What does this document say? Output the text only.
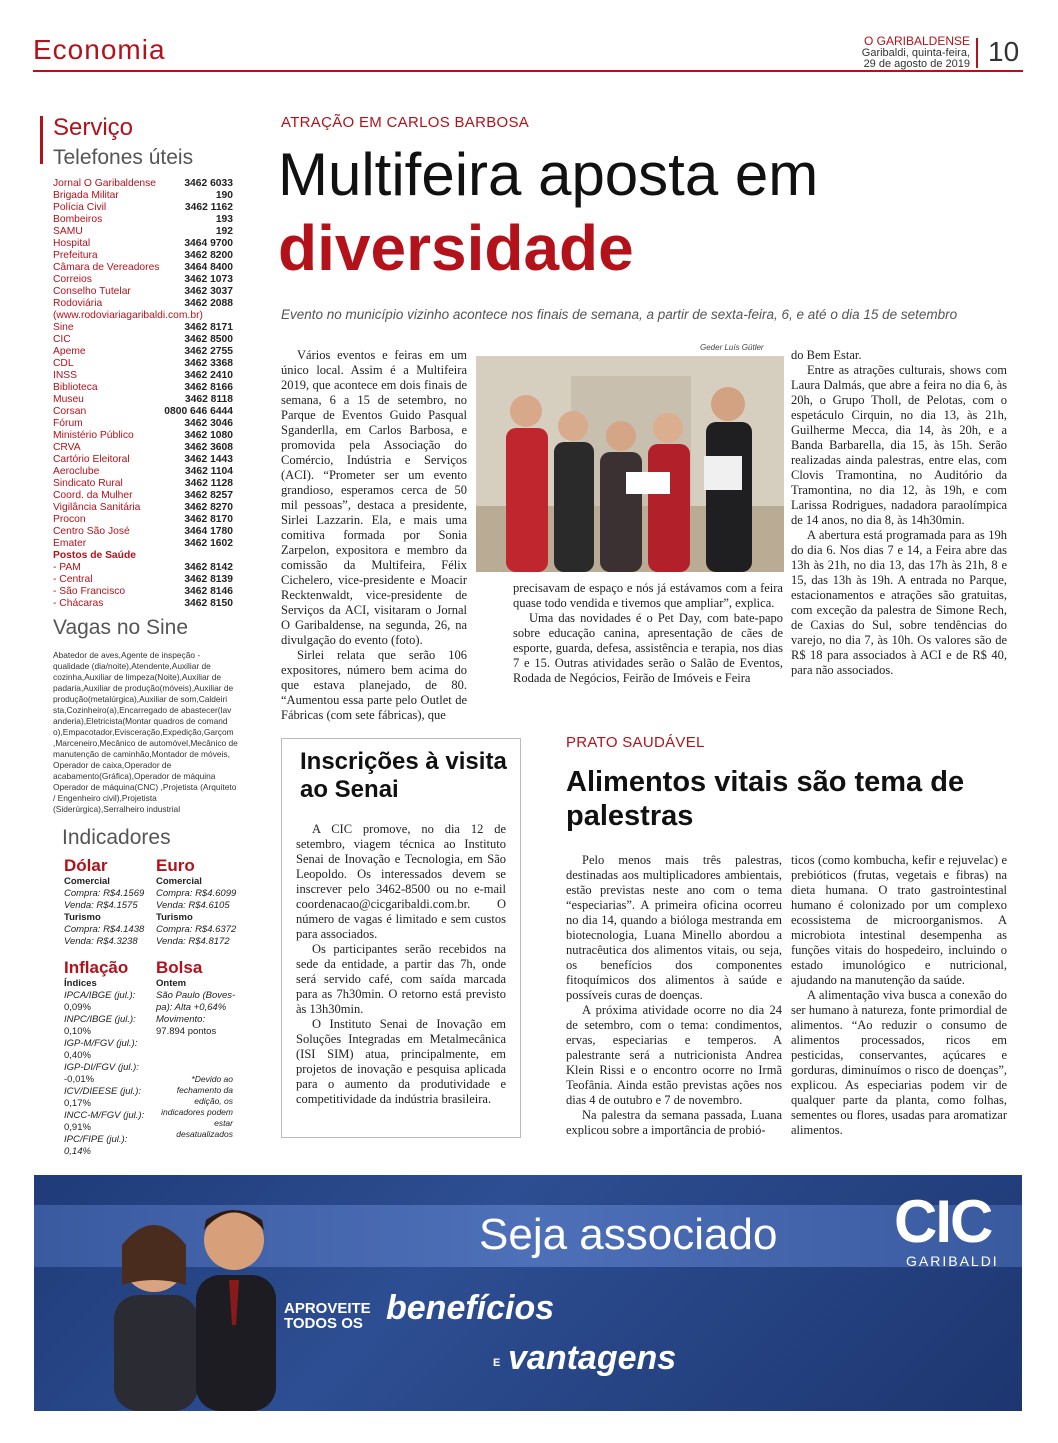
Economia	O GARIBALDENSE
Garibaldi, quinta-feira,
29 de agosto de 2019 10
Serviço
Telefones úteis
Jornal O Garibaldense	3462 6033
Brigada Militar	190
Polícia Civil	3462 1162
Bombeiros	193
SAMU	192
Hospital	3464 9700
Prefeitura	3462 8200
Câmara de Vereadores 3464 8400
Correios	3462 1073
Conselho Tutelar	3462 3037
Rodoviária	3462 2088
(www.rodoviariagaribaldi.com.br)
Sine	3462 8171
CIC	3462 8500
Apeme	3462 2755
CDL	3462 3368
INSS	3462 2410
Biblioteca	3462 8166
Museu	3462 8118
Corsan	0800 646 6444
Fórum	3462 3046
Ministério Público	3462 1080
CRVA	3462 3608
Cartório Eleitoral	3462 1443
Aeroclube	3462 1104
Sindicato Rural	3462 1128
Coord. da Mulher	3462 8257
Vigilância Sanitária	3462 8270
Procon	3462 8170
Centro São José	3464 1780
Emater	3462 1602
Postos de Saúde
- PAM	3462 8142
- Central	3462 8139
- São Francisco	3462 8146
- Chácaras	3462 8150
Vagas no Sine
Abatedor de aves,Agente de inspeção - qualidade (dia/noite),Atendente,Auxiliar de cozinha,Auxiliar de limpeza(Noite),Auxiliar de padaria,Auxiliar de produção(móveis),Auxiliar de produção(metalúrgica),Auxiliar de som,Caldeiri sta,Cozinheiro(a),Encarregado de abastecer(lav anderia),Eletricista(Montar quadros de comand o),Empacotador,Evisceração,Expedição,Garçom ,Marceneiro,Mecânico de automóvel,Mecânico de manutenção de caminhão,Montador de móveis, Operador de caixa,Operador de acabamento(Gráfica),Operador de máquina Operador de máquina(CNC) ,Projetista (Arquiteto / Engenheiro civil),Projetista (Siderúrgica),Serralheiro industrial
Indicadores
Dólar
Comercial
Compra: R$4.1569
Venda: R$4.1575
Turismo
Compra: R$4.1438
Venda: R$4.3238
Euro
Comercial
Compra: R$4.6099
Venda: R$4.6105
Turismo
Compra: R$4.6372
Venda: R$4.8172
Inflação
Índices
IPCA/IBGE (jul.):
0,09%
INPC/IBGE (jul.):
0,10%
IGP-M/FGV (jul.):
0,40%
IGP-DI/FGV (jul.):
-0,01%
ICV/DIEESE (jul.):
0,17%
INCC-M/FGV (jul.):
0,91%
IPC/FIPE (jul.): 0,14%
Bolsa
Ontem
São Paulo (Boves-
pa): Alta +0,64%
Movimento:
97.894 pontos
*Devido ao fechamento da edição, os indicadores podem estar desatualizados
ATRAÇÃO EM CARLOS BARBOSA
Multifeira aposta em
diversidade
Evento no município vizinho acontece nos finais de semana, a partir de sexta-feira, 6, e até o dia 15 de setembro

Vários eventos e feiras em um único local. Assim é a Multifeira 2019, que acontece em dois finais de semana, 6 a 15 de setembro, no Parque de Eventos Guido Pasqual Sganderlla, em Carlos Barbosa, e promovida pela Associação do Comércio, Indústria e Serviços (ACI). “Prometer ser um evento grandioso, esperamos cerca de 50 mil pessoas”, destaca a presidente, Sirlei Lazzarin. Ela, e mais uma comitiva formada por Sonia Zarpelon, expositora e membro da comissão da Multifeira, Félix Cichelero, vice-presidente e Moacir Recktenwaldt, vice-presidente de Serviços da ACI, visitaram o Jornal O Garibaldense, na segunda, 26, na divulgação do evento (foto).

Sirlei relata que serão 106 expositores, número bem acima do que estava planejado, de 80. “Aumentou essa parte pelo Outlet de Fábricas (com sete fábricas), que

Geder Luís Gütler

precisavam de espaço e nós já estávamos com a feira quase todo vendida e tivemos que ampliar”, explica.

Uma das novidades é o Pet Day, com bate-papo sobre educação canina, apresentação de cães de esporte, guarda, defesa, assistência e terapia, nos dias 7 e 15. Outras atividades serão o Salão de Eventos, Rodada de Negócios, Feirão de Imóveis e Feira

do Bem Estar.

Entre as atrações culturais, shows com Laura Dalmás, que abre a feira no dia 6, às 20h, o Grupo Tholl, de Pelotas, com o espetáculo Cirquin, no dia 13, às 21h, Guilherme Mecca, dia 14, às 20h, e a Banda Barbarella, dia 15, às 15h. Serão realizadas ainda palestras, entre elas, com Clovis Tramontina, no Auditório da Tramontina, no dia 12, às 19h, e com Larissa Rodrigues, nadadora paraolímpica de 14 anos, no dia 8, às 14h30min.

A abertura está programada para as 19h do dia 6. Nos dias 7 e 14, a Feira abre das 13h às 21h, no dia 13, das 17h às 21h, 8 e 15, das 13h às 19h. A entrada no Parque, estacionamentos e atrações são gratuitas, com exceção da palestra de Simone Rech, de Caxias do Sul, sobre tendências do varejo, no dia 7, às 10h. Os valores são de R$ 18 para associados à ACI e de R$ 40, para não associados.

Inscrições à visita ao Senai

A CIC promove, no dia 12 de setembro, viagem técnica ao Instituto Senai de Inovação e Tecnologia, em São Leopoldo. Os interessados devem se inscrever pelo 3462-8500 ou no e-mail coordenacao@cicgaribaldi.com.br. O número de vagas é limitado e sem custos para associados.

Os participantes serão recebidos na sede da entidade, a partir das 7h, onde será servido café, com saída marcada para as 7h30min. O retorno está previsto às 13h30min.

O Instituto Senai de Inovação em Soluções Integradas em Metalmecânica (ISI SIM) atua, principalmente, em projetos de inovação e pesquisa aplicada para o aumento da produtividade e competitividade da indústria brasileira.

PRATO SAUDÁVEL
Alimentos vitais são tema de palestras

Pelo menos mais três palestras, destinadas aos multiplicadores ambientais, estão previstas neste ano com o tema “especiarias”. A primeira oficina ocorreu no dia 14, quando a bióloga mestranda em biotecnologia, Luana Minello abordou a nutracêutica dos alimentos vitais, ou seja, os benefícios dos componentes fitoquímicos dos alimentos à saúde e possíveis curas de doenças.

A próxima atividade ocorre no dia 24 de setembro, com o tema: condimentos, ervas, especiarias e temperos. A palestrante será a nutricionista Andrea Klein Rissi e o encontro ocorre no Irmã Teofânia. Ainda estão previstas ações nos dias 4 de outubro e 7 de novembro.

Na palestra da semana passada, Luana explicou sobre a importância de probió-

ticos (como kombucha, kefir e rejuvelac) e prebióticos (frutas, vegetais e fibras) na dieta humana. O trato gastrointestinal humano é colonizado por um complexo ecossistema de microorganismos. A microbiota intestinal desempenha as funções vitais do hospedeiro, incluindo o estado imunológico e nutricional, ajudando na manutenção da saúde.

A alimentação viva busca a conexão do ser humano à natureza, fonte primordial de alimentos. “Ao reduzir o consumo de alimentos processados, ricos em pesticidas, conservantes, açúcares e gorduras, diminuímos o risco de doenças”, explicou. As especiarias podem vir de qualquer parte da planta, como folhas, sementes ou flores, usadas para aromatizar alimentos.

Seja associado CIC
GARIBALDI
APROVEITE
TODOS OS benefícios
E vantagens
